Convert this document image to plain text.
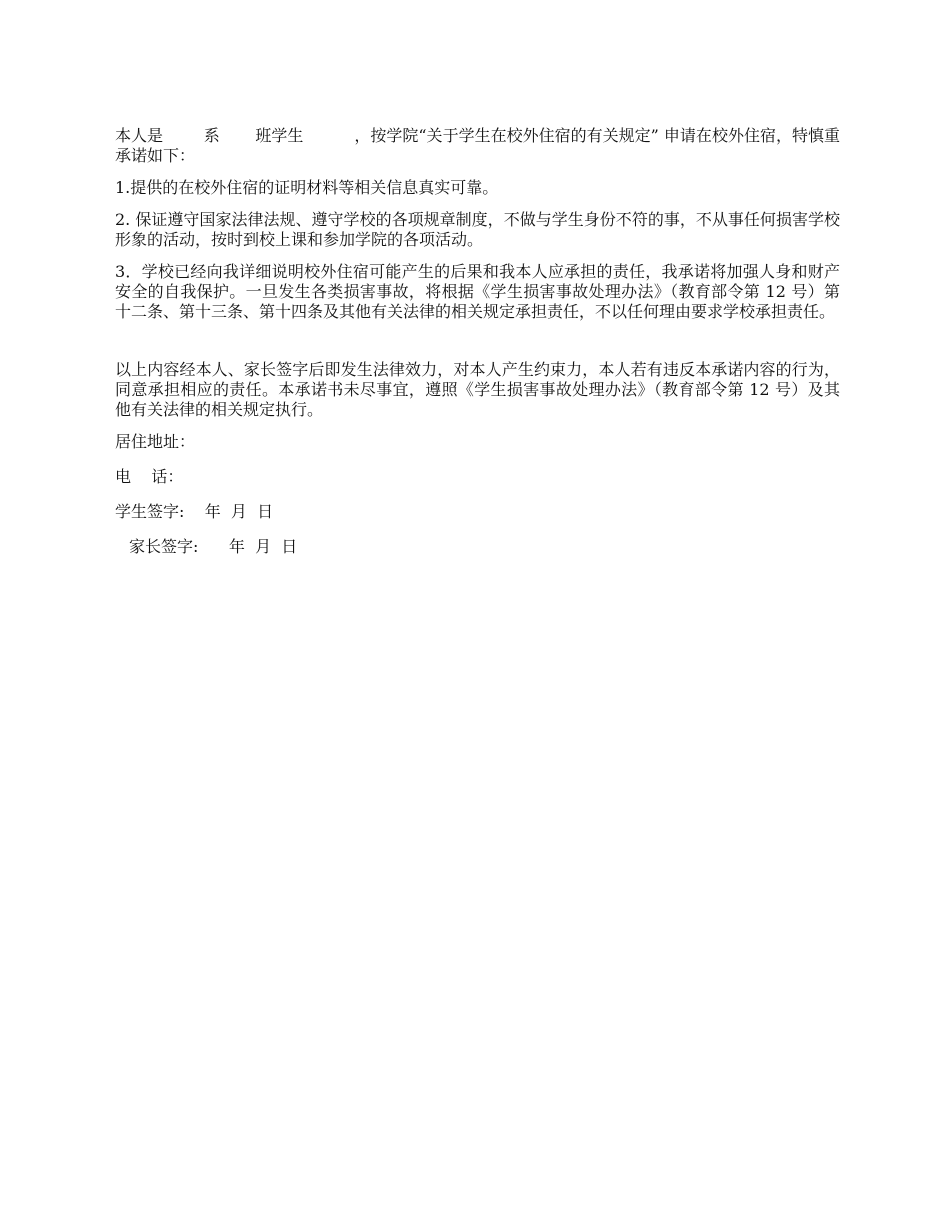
本人是        系       班学生          ，按学院“关于学生在校外住宿的有关规定” 申请在校外住宿，特慎重承诺如下：

1.提供的在校外住宿的证明材料等相关信息真实可靠。

2. 保证遵守国家法律法规、遵守学校的各项规章制度，不做与学生身份不符的事，不从事任何损害学校形象的活动，按时到校上课和参加学院的各项活动。

3．学校已经向我详细说明校外住宿可能产生的后果和我本人应承担的责任，我承诺将加强人身和财产安全的自我保护。一旦发生各类损害事故，将根据《学生损害事故处理办法》（教育部令第 12 号）第十二条、第十三条、第十四条及其他有关法律的相关规定承担责任，不以任何理由要求学校承担责任。

以上内容经本人、家长签字后即发生法律效力，对本人产生约束力，本人若有违反本承诺内容的行为，同意承担相应的责任。本承诺书未尽事宜，遵照《学生损害事故处理办法》（教育部令第 12 号）及其他有关法律的相关规定执行。

居住地址：

电    话：

学生签字:    年  月  日

家长签字:      年  月  日
